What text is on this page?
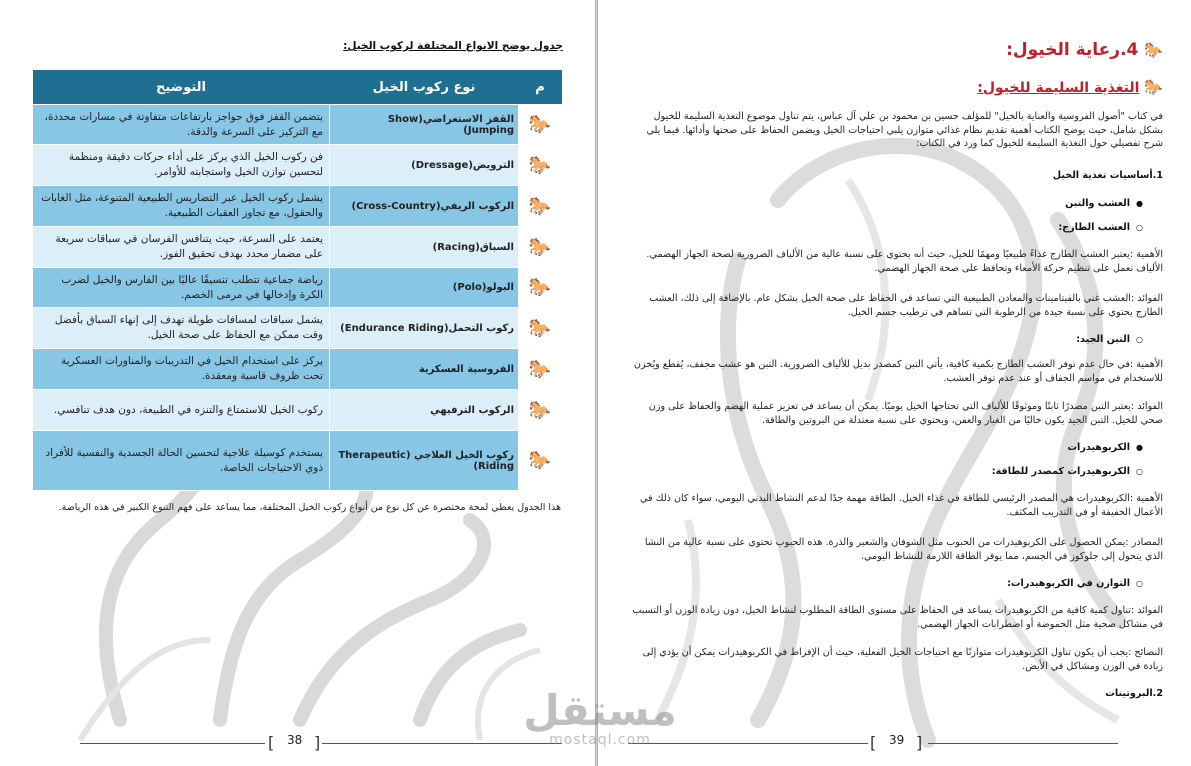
جدول يوضح الانواع المختلفة لركوب الخيل:
م	نوع ركوب الخيل	التوضيح
🐎	القفز الاستعراضي(Show Jumping)	يتضمن القفز فوق حواجز بارتفاعات متفاوتة في مسارات محددة، مع التركيز على السرعة والدقة.
🐎	الترويض(Dressage)	فن ركوب الخيل الذي يركز على أداء حركات دقيقة ومنظمة لتحسين توازن الخيل واستجابته للأوامر.
🐎	الركوب الريفي(Cross-Country)	يشمل ركوب الخيل عبر التضاريس الطبيعية المتنوعة، مثل الغابات والحقول، مع تجاوز العقبات الطبيعية.
🐎	السباق(Racing)	يعتمد على السرعة، حيث يتنافس الفرسان في سباقات سريعة على مضمار محدد بهدف تحقيق الفوز.
🐎	البولو(Polo)	رياضة جماعية تتطلب تنسيقًا عاليًا بين الفارس والخيل لضرب الكرة وإدخالها في مرمى الخصم.
🐎	ركوب التحمل(Endurance Riding)	يشمل سباقات لمسافات طويلة تهدف إلى إنهاء السباق بأفضل وقت ممكن مع الحفاظ على صحة الخيل.
🐎	الفروسية العسكرية	يركز على استخدام الخيل في التدريبات والمناورات العسكرية تحت ظروف قاسية ومعقدة.
🐎	الركوب الترفيهي	ركوب الخيل للاستمتاع والتنزه في الطبيعة، دون هدف تنافسي.
🐎	ركوب الخيل العلاجي (Therapeutic Riding)	يستخدم كوسيلة علاجية لتحسين الحالة الجسدية والنفسية للأفراد ذوي الاحتياجات الخاصة.
هذا الجدول يعطي لمحة مختصرة عن كل نوع من أنواع ركوب الخيل المختلفة، مما يساعد على فهم التنوع الكبير في هذه الرياضة.
[	38 ]
🐎 4.رعاية الخيول:
🐎 التغذية السليمة للخيول:
في كتاب "أصول الفروسية والعناية بالخيل" للمؤلف حسين بن محمود بن علي آل عباس، يتم تناول موضوع التغذية السليمة للخيول بشكل شامل، حيث يوضح الكتاب أهمية تقديم نظام غذائي متوازن يلبي احتياجات الخيل ويضمن الحفاظ على صحتها وأدائها. فيما يلي شرح تفصيلي حول التغذية السليمة للخيول كما ورد في الكتاب:
1.أساسيات تغذية الخيل
●العشب والتبن
○العشب الطازج:
الأهمية :يعتبر العشب الطازج غذاءً طبيعيًا ومهمًا للخيل، حيث أنه يحتوي على نسبة عالية من الألياف الضرورية لصحة الجهاز الهضمي. الألياف تعمل على تنظيم حركة الأمعاء وتحافظ على صحة الجهاز الهضمي.
الفوائد :العشب غني بالفيتامينات والمعادن الطبيعية التي تساعد في الحفاظ على صحة الخيل بشكل عام. بالإضافة إلى ذلك، العشب الطازج يحتوي على نسبة جيدة من الرطوبة التي تساهم في ترطيب جسم الخيل.
○التبن الجيد:
الأهمية :في حال عدم توفر العشب الطازج بكمية كافية، يأتي التبن كمصدر بديل للألياف الضرورية. التبن هو عشب مجفف، يُقطع ويُخزن للاستخدام في مواسم الجفاف أو عند عدم توفر العشب.
الفوائد :يعتبر التبن مصدرًا ثابتًا وموثوقًا للألياف التي تحتاجها الخيل يوميًا. يمكن أن يساعد في تعزيز عملية الهضم والحفاظ على وزن صحي للخيل. التبن الجيد يكون خاليًا من الغبار والعفن، ويحتوي على نسبة معتدلة من البروتين والطاقة.
●الكربوهيدرات
○الكربوهيدرات كمصدر للطاقة:
الأهمية :الكربوهيدرات هي المصدر الرئيسي للطاقة في غذاء الخيل. الطاقة مهمة جدًا لدعم النشاط البدني اليومي، سواء كان ذلك في الأعمال الخفيفة أو في التدريب المكثف.
المصادر :يمكن الحصول على الكربوهيدرات من الحبوب مثل الشوفان والشعير والذرة. هذه الحبوب تحتوي على نسبة عالية من النشا الذي يتحول إلى جلوكوز في الجسم، مما يوفر الطاقة اللازمة للنشاط اليومي.
○التوازن في الكربوهيدرات:
الفوائد :تناول كمية كافية من الكربوهيدرات يساعد في الحفاظ على مستوى الطاقة المطلوب لنشاط الخيل، دون زيادة الوزن أو التسبب في مشاكل صحية مثل الحموضة أو اضطرابات الجهاز الهضمي.
النصائح :يجب أن يكون تناول الكربوهيدرات متوازنًا مع احتياجات الخيل الفعلية، حيث أن الإفراط في الكربوهيدرات يمكن أن يؤدي إلى زيادة في الوزن ومشاكل في الأيض.
2.البروتينات
[	39 ]
مستقل
mostaql.com
